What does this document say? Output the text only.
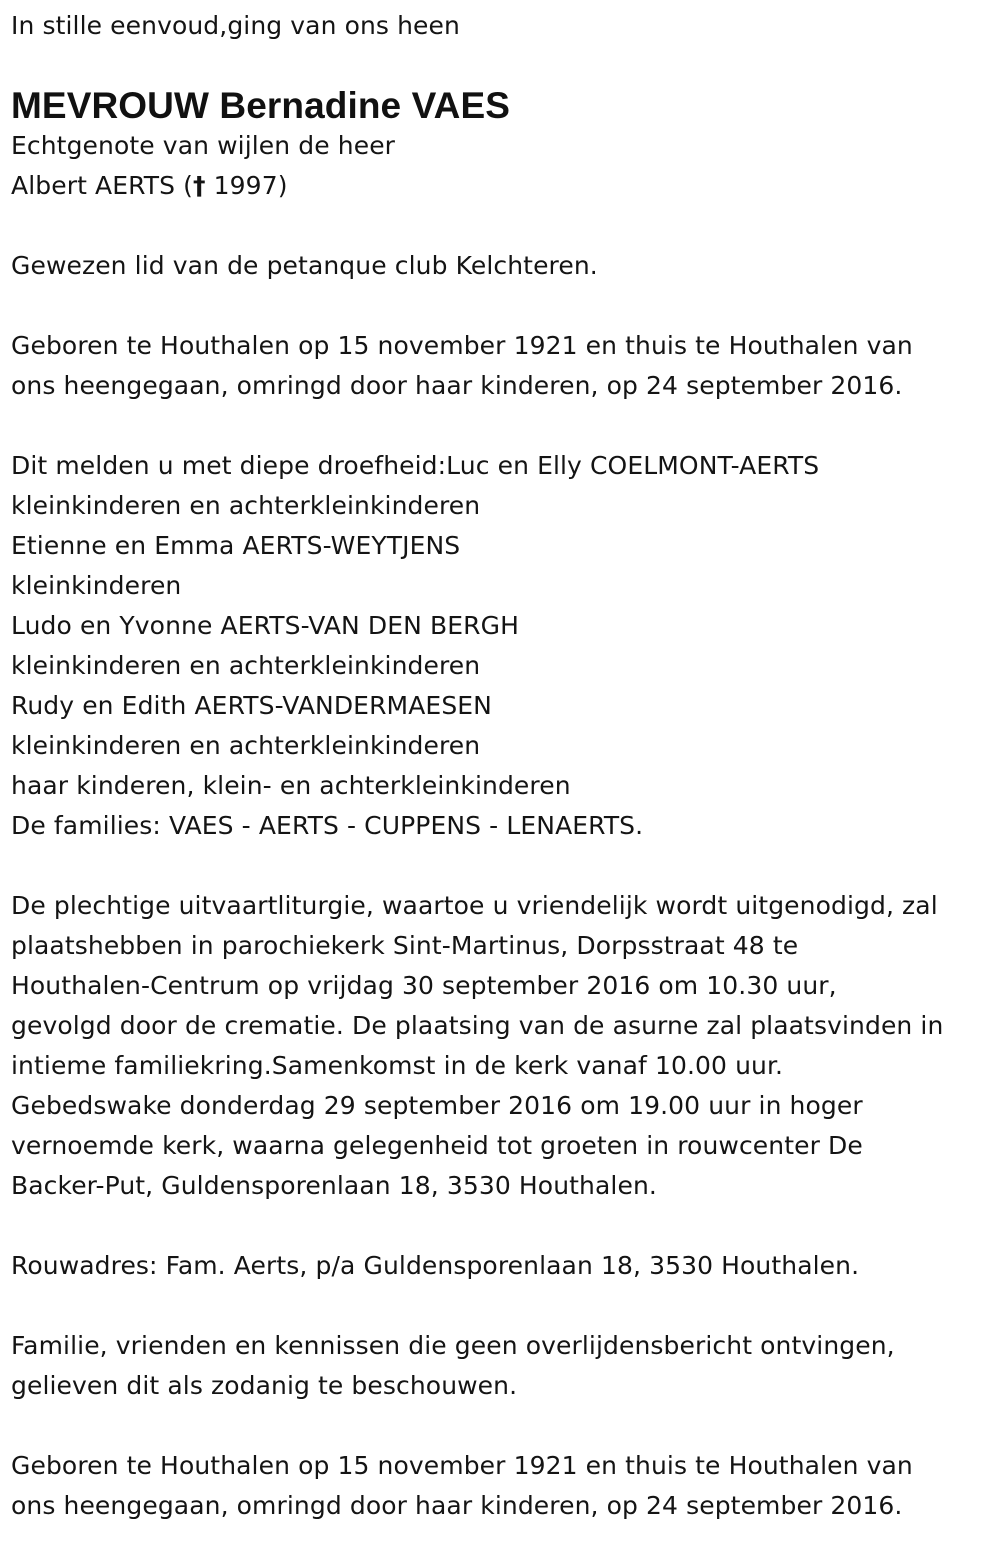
In stille eenvoud,ging van ons heen
MEVROUW Bernadine VAES
Echtgenote van wijlen de heer
Albert AERTS († 1997)
Gewezen lid van de petanque club Kelchteren.
Geboren te Houthalen op 15 november 1921 en thuis te Houthalen van
ons heengegaan, omringd door haar kinderen, op 24 september 2016.
Dit melden u met diepe droefheid:Luc en Elly COELMONT-AERTS
kleinkinderen en achterkleinkinderen
Etienne en Emma AERTS-WEYTJENS
kleinkinderen
Ludo en Yvonne AERTS-VAN DEN BERGH
kleinkinderen en achterkleinkinderen
Rudy en Edith AERTS-VANDERMAESEN
kleinkinderen en achterkleinkinderen
haar kinderen, klein- en achterkleinkinderen
De families: VAES - AERTS - CUPPENS - LENAERTS.
De plechtige uitvaartliturgie, waartoe u vriendelijk wordt uitgenodigd, zal
plaatshebben in parochiekerk Sint-Martinus, Dorpsstraat 48 te
Houthalen-Centrum op vrijdag 30 september 2016 om 10.30 uur,
gevolgd door de crematie. De plaatsing van de asurne zal plaatsvinden in
intieme familiekring.Samenkomst in de kerk vanaf 10.00 uur.
Gebedswake donderdag 29 september 2016 om 19.00 uur in hoger
vernoemde kerk, waarna gelegenheid tot groeten in rouwcenter De
Backer-Put, Guldensporenlaan 18, 3530 Houthalen.
Rouwadres: Fam. Aerts, p/a Guldensporenlaan 18, 3530 Houthalen.
Familie, vrienden en kennissen die geen overlijdensbericht ontvingen,
gelieven dit als zodanig te beschouwen.
Geboren te Houthalen op 15 november 1921 en thuis te Houthalen van
ons heengegaan, omringd door haar kinderen, op 24 september 2016.
